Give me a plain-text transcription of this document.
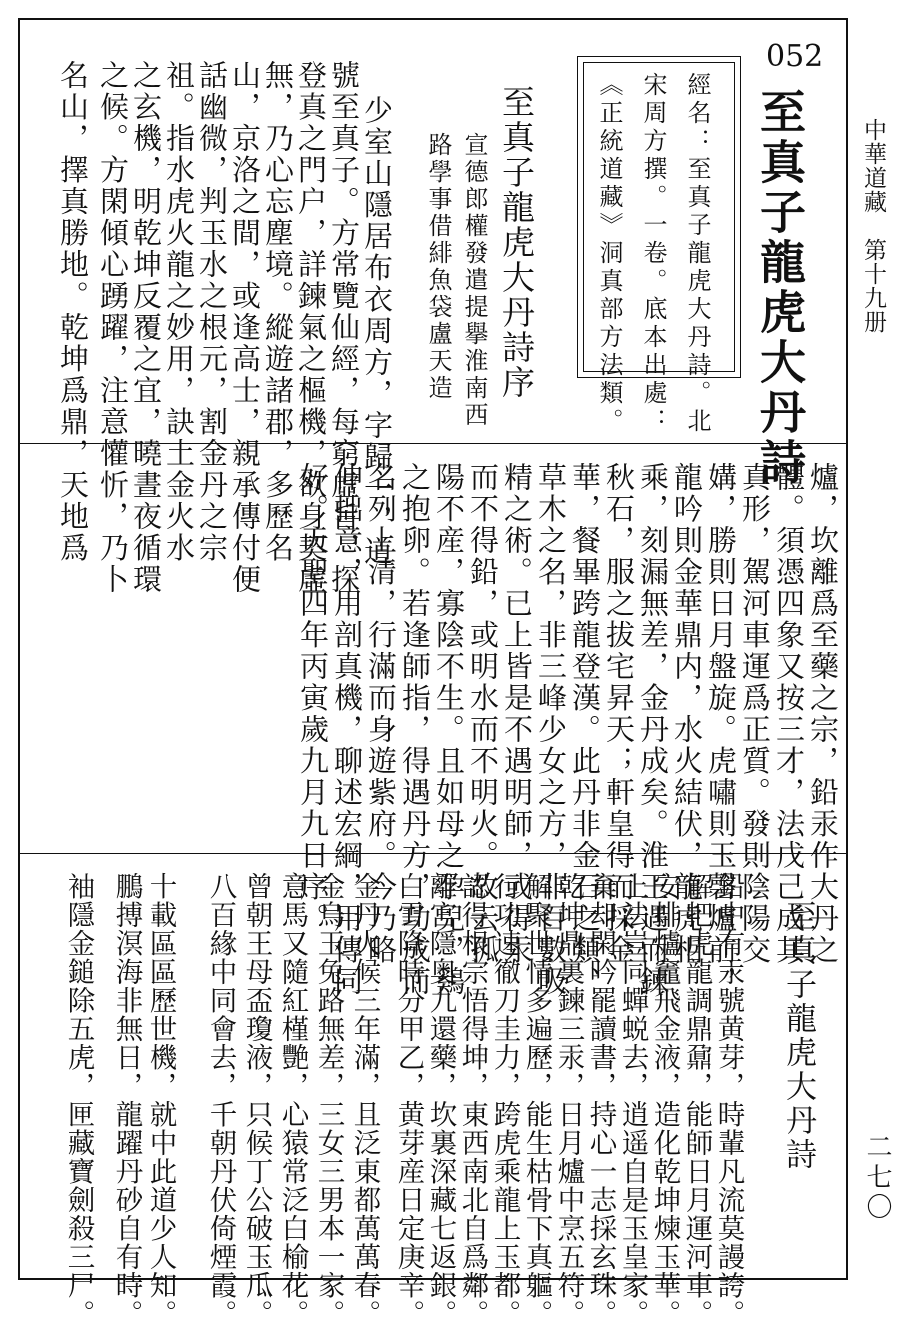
中華道藏　第十九册
二七〇
052
至真子龍虎大丹詩
經名：至真子龍虎大丹詩。北
宋周方撰。一卷。底本出處：
《正統道藏》洞真部方法類。
至真子龍虎大丹詩序
宣德郎權發遣提擧淮南西
路學事借緋魚袋盧天造
少室山隱居布衣周方，字歸一，道
號至真子。方常覽仙經，每窮虛旨，探
登真之門户，詳鍊氣之樞機，欲身契虛
無，乃心忘塵境。縱遊諸郡，多歷名
山，京洛之間，或逢高士，親承傳付便
話幽微，判玉水之根元，割金丹之宗
祖。指水虎火龍之妙用，訣土金火水
之玄機，明乾坤反覆之宜，曉晝夜循環
之候。方閑傾心踴躍，注意懽忻，乃卜
名山，擇真勝地。乾坤爲鼎，天地爲
爐，坎離爲至藥之宗，鉛汞作大丹之
體。須憑四象又按三才，法戊己成其
真形，駕河車運爲正質。發則陰陽交
媾，勝則日月盤旋。虎嘯則玉磬爐前，
龍吟則金華鼎内，水火結伏，龍虎相
乘，刻漏無差，金丹成矣。淮王遇而鍊
秋石，服之拔宅昇天；軒皇得而採金
華，餐畢跨龍登漢。此丹非金石之類、
草木之名，非三峰少女之方，非百數吸
精之術。已上皆是不遇明師，或得汞
而不得鉛，或明水而不明火。故云孤
陽不産，寡陰不生。且如母之孕兒，鷄
之抱卵。若逢師指，得遇丹方，功成而
名列上清，行滿而身遊紫府。今乃略
伸拙意，用剖真機，聊述宏綱，用傳同
好。天聖四年丙寅歲九月九日序。
至真子龍虎大丹詩
鉛中有汞號黄芽，時輩凡流莫謾誇。
解把虎龍調鼎鼐，能師日月運河車。
安排爐竈飛金液，造化乾坤煉玉華。
上法豈同蟬蜕去，逍遥自是玉皇家。
棄却閑吟罷讀書，持心一志採玄珠。
乾坤鼎裏鍊三汞，日月爐中烹五符。
解聚世情多遍歷，能生枯骨下真軀。
行功速徹刀圭力，跨虎乘龍上玉都。
認得根宗悟得坤，東西南北自爲鄰。
離宫隱奥九還藥，坎裏深藏七返銀。
白雪降時分甲乙，黄芽産日定庚辛。
金丹火候三年滿，且泛東都萬萬春。
金烏玉兔路無差，三女三男本一家。
意馬又隨紅槿艷，心猿常泛白榆花。
曾朝王母盃瓊液，只候丁公破玉瓜。
八百緣中同會去，千朝丹伏倚煙霞。
十載區區歷世機，就中此道少人知。
鵬搏溟海非無日，龍躍丹砂自有時。
袖隱金鎚除五虎，匣藏寶劍殺三尸。
